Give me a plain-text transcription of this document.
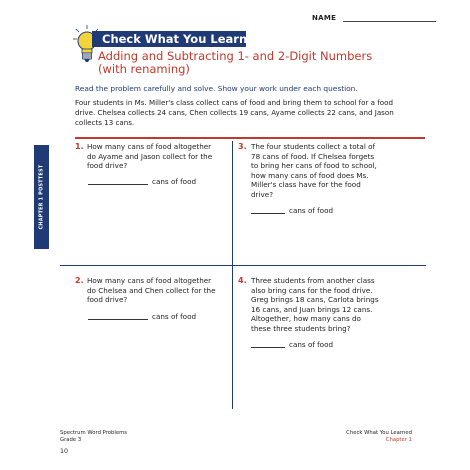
NAME
Check What You Learned
Adding and Subtracting 1- and 2-Digit Numbers
(with renaming)
Read the problem carefully and solve. Show your work under each question.
Four students in Ms. Miller's class collect cans of food and bring them to school for a food drive. Chelsea collects 24 cans, Chen collects 19 cans, Ayame collects 22 cans, and Jason collects 13 cans.
CHAPTER 1 POSTTEST
1. How many cans of food altogether do Ayame and Jason collect for the food drive?
cans of food
3. The four students collect a total of 78 cans of food. If Chelsea forgets to bring her cans of food to school, how many cans of food does Ms. Miller's class have for the food drive?
cans of food
2. How many cans of food altogether do Chelsea and Chen collect for the food drive?
cans of food
4. Three students from another class also bring cans for the food drive. Greg brings 18 cans, Carlota brings 16 cans, and Juan brings 12 cans. Altogether, how many cans do these three students bring?
cans of food
Spectrum Word Problems
Grade 3
10
Check What You Learned
Chapter 1
